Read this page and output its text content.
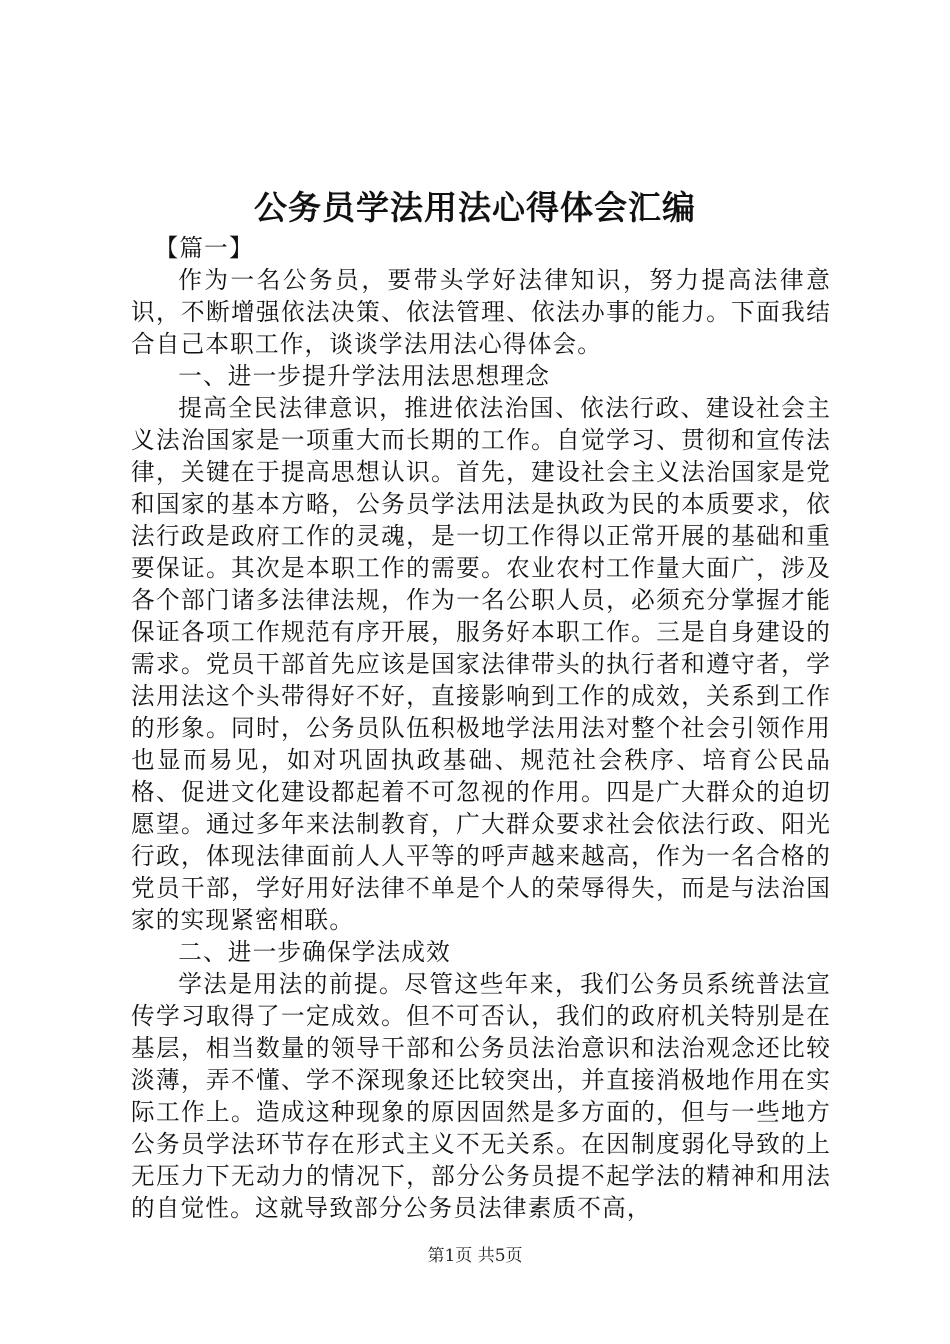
公务员学法用法心得体会汇编

【篇一】

作为一名公务员，要带头学好法律知识，努力提高法律意识，不断增强依法决策、依法管理、依法办事的能力。下面我结合自己本职工作，谈谈学法用法心得体会。

一、进一步提升学法用法思想理念

提高全民法律意识，推进依法治国、依法行政、建设社会主义法治国家是一项重大而长期的工作。自觉学习、贯彻和宣传法律，关键在于提高思想认识。首先，建设社会主义法治国家是党和国家的基本方略，公务员学法用法是执政为民的本质要求，依法行政是政府工作的灵魂，是一切工作得以正常开展的基础和重要保证。其次是本职工作的需要。农业农村工作量大面广，涉及各个部门诸多法律法规，作为一名公职人员，必须充分掌握才能保证各项工作规范有序开展，服务好本职工作。三是自身建设的需求。党员干部首先应该是国家法律带头的执行者和遵守者，学法用法这个头带得好不好，直接影响到工作的成效，关系到工作的形象。同时，公务员队伍积极地学法用法对整个社会引领作用也显而易见，如对巩固执政基础、规范社会秩序、培育公民品格、促进文化建设都起着不可忽视的作用。四是广大群众的迫切愿望。通过多年来法制教育，广大群众要求社会依法行政、阳光行政，体现法律面前人人平等的呼声越来越高，作为一名合格的党员干部，学好用好法律不单是个人的荣辱得失，而是与法治国家的实现紧密相联。

二、进一步确保学法成效

学法是用法的前提。尽管这些年来，我们公务员系统普法宣传学习取得了一定成效。但不可否认，我们的政府机关特别是在基层，相当数量的领导干部和公务员法治意识和法治观念还比较淡薄，弄不懂、学不深现象还比较突出，并直接消极地作用在实际工作上。造成这种现象的原因固然是多方面的，但与一些地方公务员学法环节存在形式主义不无关系。在因制度弱化导致的上无压力下无动力的情况下，部分公务员提不起学法的精神和用法的自觉性。这就导致部分公务员法律素质不高，

第1页 共5页
